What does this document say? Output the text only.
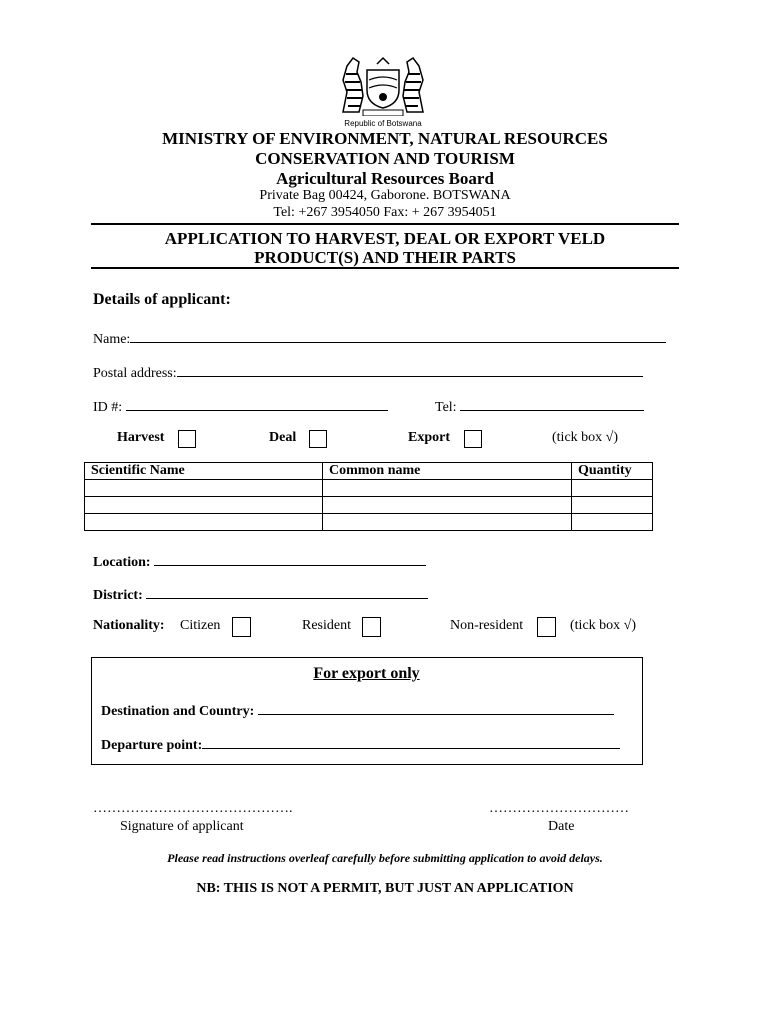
Republic of Botswana
MINISTRY OF ENVIRONMENT, NATURAL RESOURCES
CONSERVATION AND TOURISM
Agricultural Resources Board
Private Bag 00424, Gaborone. BOTSWANA
Tel: +267 3954050 Fax: + 267 3954051
APPLICATION TO HARVEST, DEAL OR EXPORT VELD
PRODUCT(S) AND THEIR PARTS
Details of applicant:
Name:
Postal address:
ID #:	Tel:
Harvest	Deal	Export	(tick box √)
Scientific Name	Common name	Quantity

Location:
District:
Nationality: Citizen	Resident	Non-resident	(tick box √)
For export only
Destination and Country:
Departure point:
…………………………………….
Signature of applicant
…………………………
Date
Please read instructions overleaf carefully before submitting application to avoid delays.
NB: THIS IS NOT A PERMIT, BUT JUST AN APPLICATION
